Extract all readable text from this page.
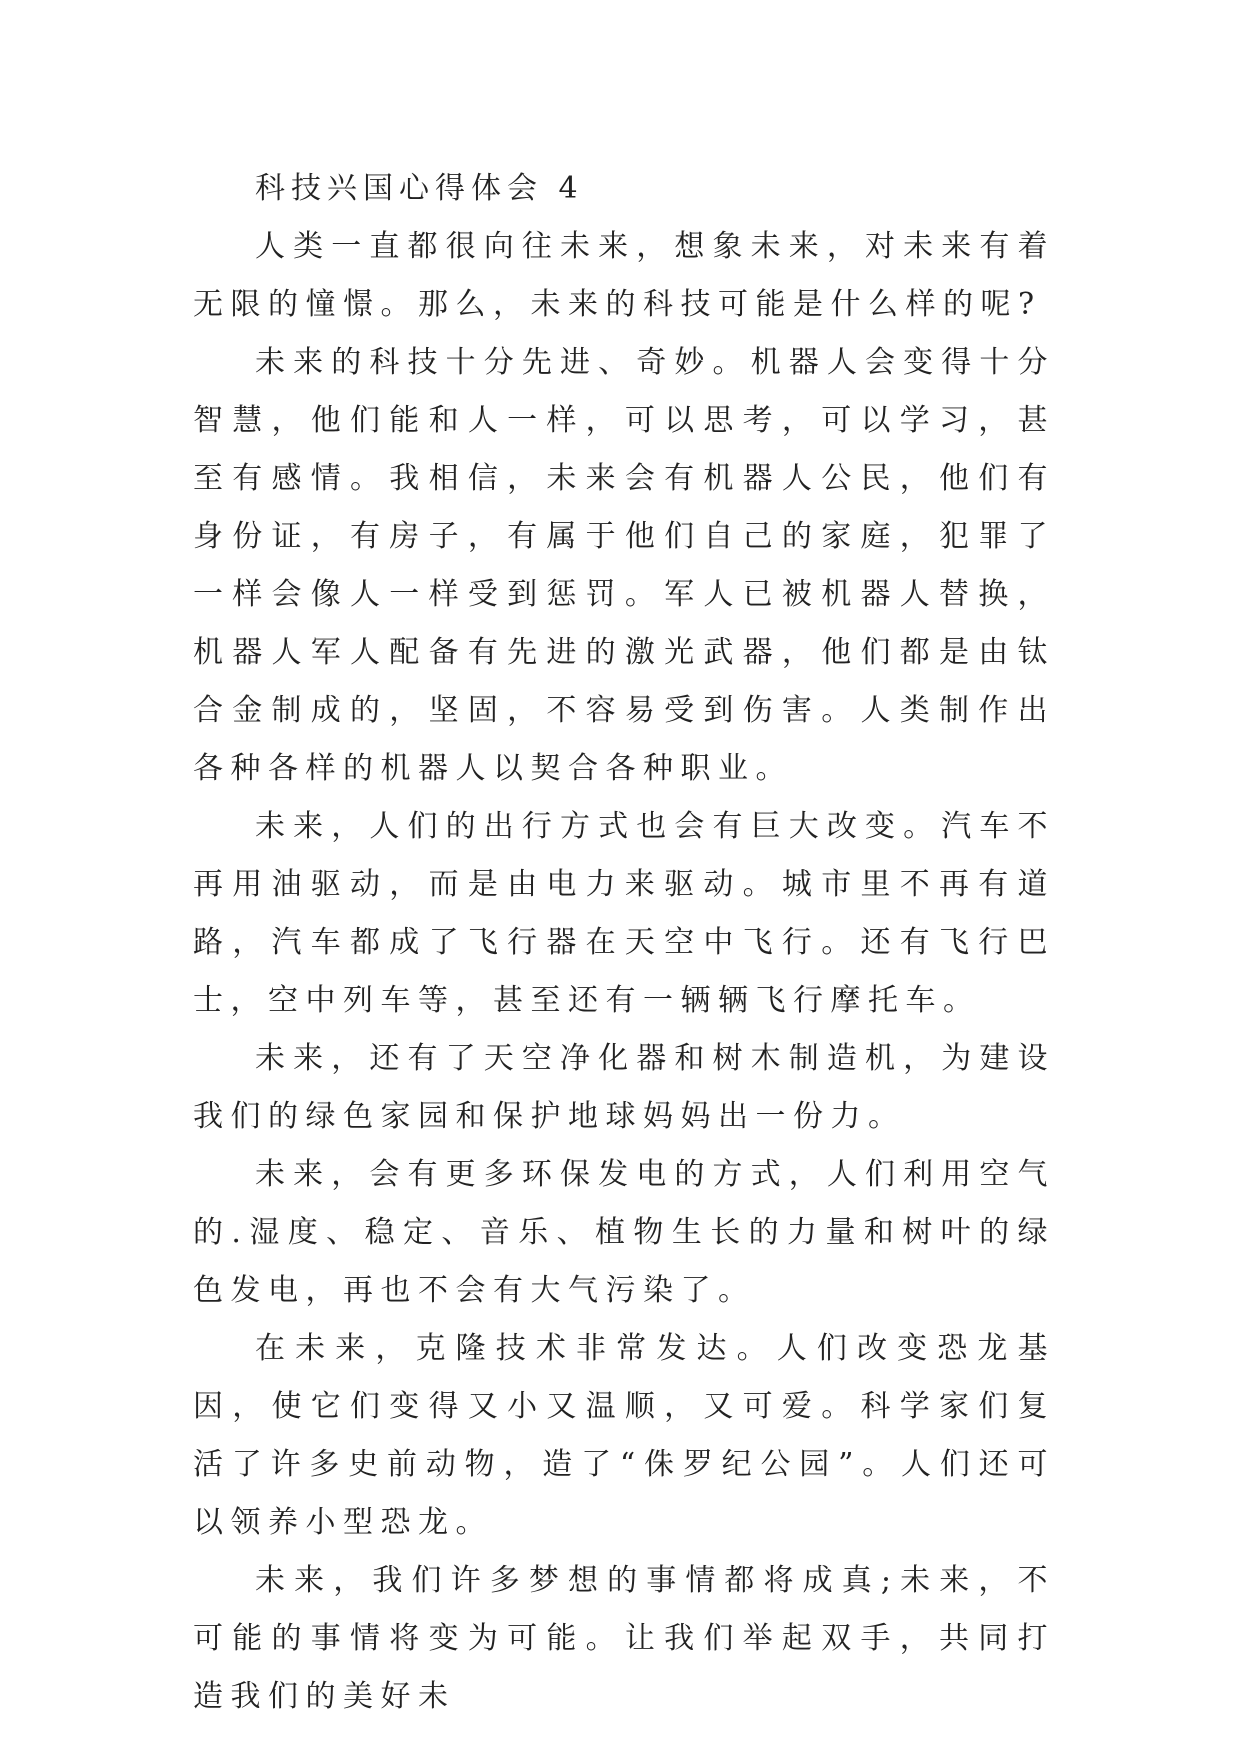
科技兴国心得体会 4

人类一直都很向往未来，想象未来，对未来有着无限的憧憬。那么，未来的科技可能是什么样的呢?

未来的科技十分先进、奇妙。机器人会变得十分智慧，他们能和人一样，可以思考，可以学习，甚至有感情。我相信，未来会有机器人公民，他们有身份证，有房子，有属于他们自己的家庭，犯罪了一样会像人一样受到惩罚。军人已被机器人替换，机器人军人配备有先进的激光武器，他们都是由钛合金制成的，坚固，不容易受到伤害。人类制作出各种各样的机器人以契合各种职业。

未来，人们的出行方式也会有巨大改变。汽车不再用油驱动，而是由电力来驱动。城市里不再有道路，汽车都成了飞行器在天空中飞行。还有飞行巴士，空中列车等，甚至还有一辆辆飞行摩托车。

未来，还有了天空净化器和树木制造机，为建设我们的绿色家园和保护地球妈妈出一份力。

未来，会有更多环保发电的方式，人们利用空气的.湿度、稳定、音乐、植物生长的力量和树叶的绿色发电，再也不会有大气污染了。

在未来，克隆技术非常发达。人们改变恐龙基因，使它们变得又小又温顺，又可爱。科学家们复活了许多史前动物，造了“侏罗纪公园”。人们还可以领养小型恐龙。

未来，我们许多梦想的事情都将成真;未来，不可能的事情将变为可能。让我们举起双手，共同打造我们的美好未
